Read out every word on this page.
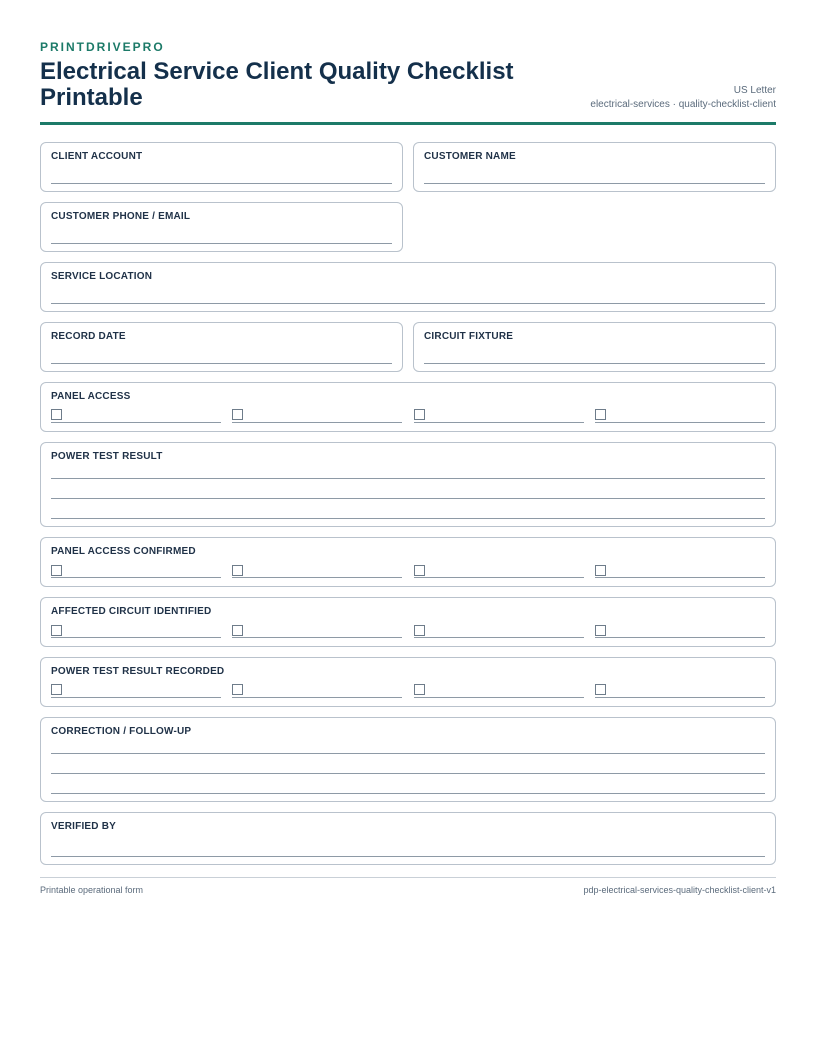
PRINTDRIVEPRO

Electrical Service Client Quality Checklist Printable	US Letter
electrical-services · quality-checklist-client
CLIENT ACCOUNT	CUSTOMER NAME
CUSTOMER PHONE / EMAIL
SERVICE LOCATION
RECORD DATE	CIRCUIT FIXTURE
PANEL ACCESS
POWER TEST RESULT
PANEL ACCESS CONFIRMED
AFFECTED CIRCUIT IDENTIFIED
POWER TEST RESULT RECORDED
CORRECTION / FOLLOW-UP
VERIFIED BY
Printable operational form	pdp-electrical-services-quality-checklist-client-v1
